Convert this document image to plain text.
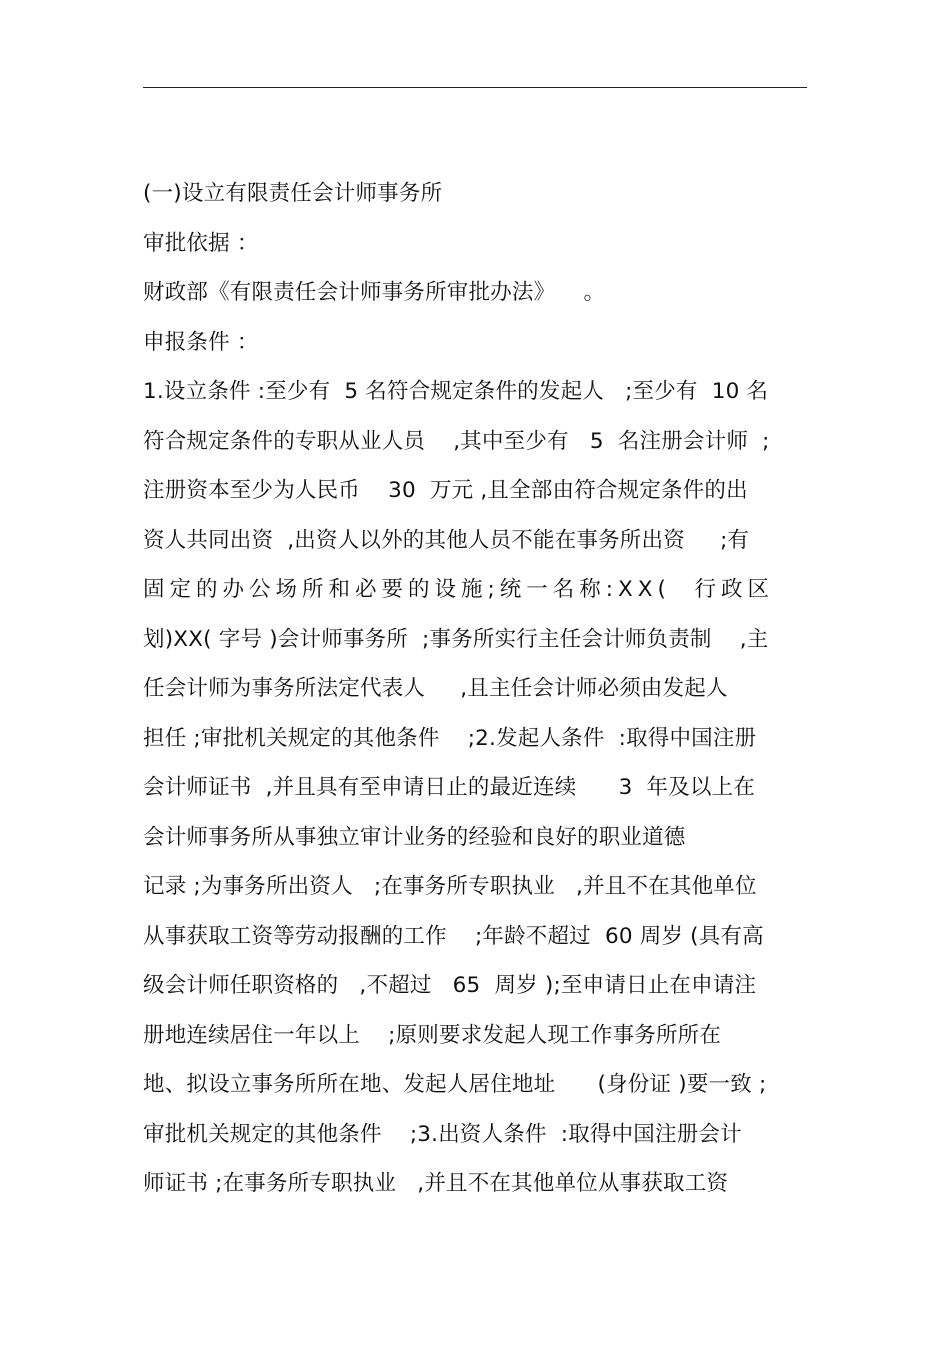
(一)设立有限责任会计师事务所
审批依据 ：
财政部《有限责任会计师事务所审批办法》    。
申报条件 ：
1.设立条件 :至少有  5 名符合规定条件的发起人   ;至少有  10 名
符合规定条件的专职从业人员    ,其中至少有   5  名注册会计师  ;
注册资本至少为人民币    30  万元 ,且全部由符合规定条件的出
资人共同出资  ,出资人以外的其他人员不能在事务所出资     ;有
固定的办公场所和必要的设施;统一名称:XX(  行政区
划)XX( 字号 )会计师事务所  ;事务所实行主任会计师负责制    ,主
任会计师为事务所法定代表人     ,且主任会计师必须由发起人
担任 ;审批机关规定的其他条件    ;2.发起人条件  :取得中国注册
会计师证书  ,并且具有至申请日止的最近连续      3  年及以上在
会计师事务所从事独立审计业务的经验和良好的职业道德
记录 ;为事务所出资人   ;在事务所专职执业   ,并且不在其他单位
从事获取工资等劳动报酬的工作    ;年龄不超过  60 周岁 (具有高
级会计师任职资格的   ,不超过   65  周岁 );至申请日止在申请注
册地连续居住一年以上    ;原则要求发起人现工作事务所所在
地、拟设立事务所所在地、发起人居住地址      (身份证 )要一致 ;
审批机关规定的其他条件    ;3.出资人条件  :取得中国注册会计
师证书 ;在事务所专职执业   ,并且不在其他单位从事获取工资
